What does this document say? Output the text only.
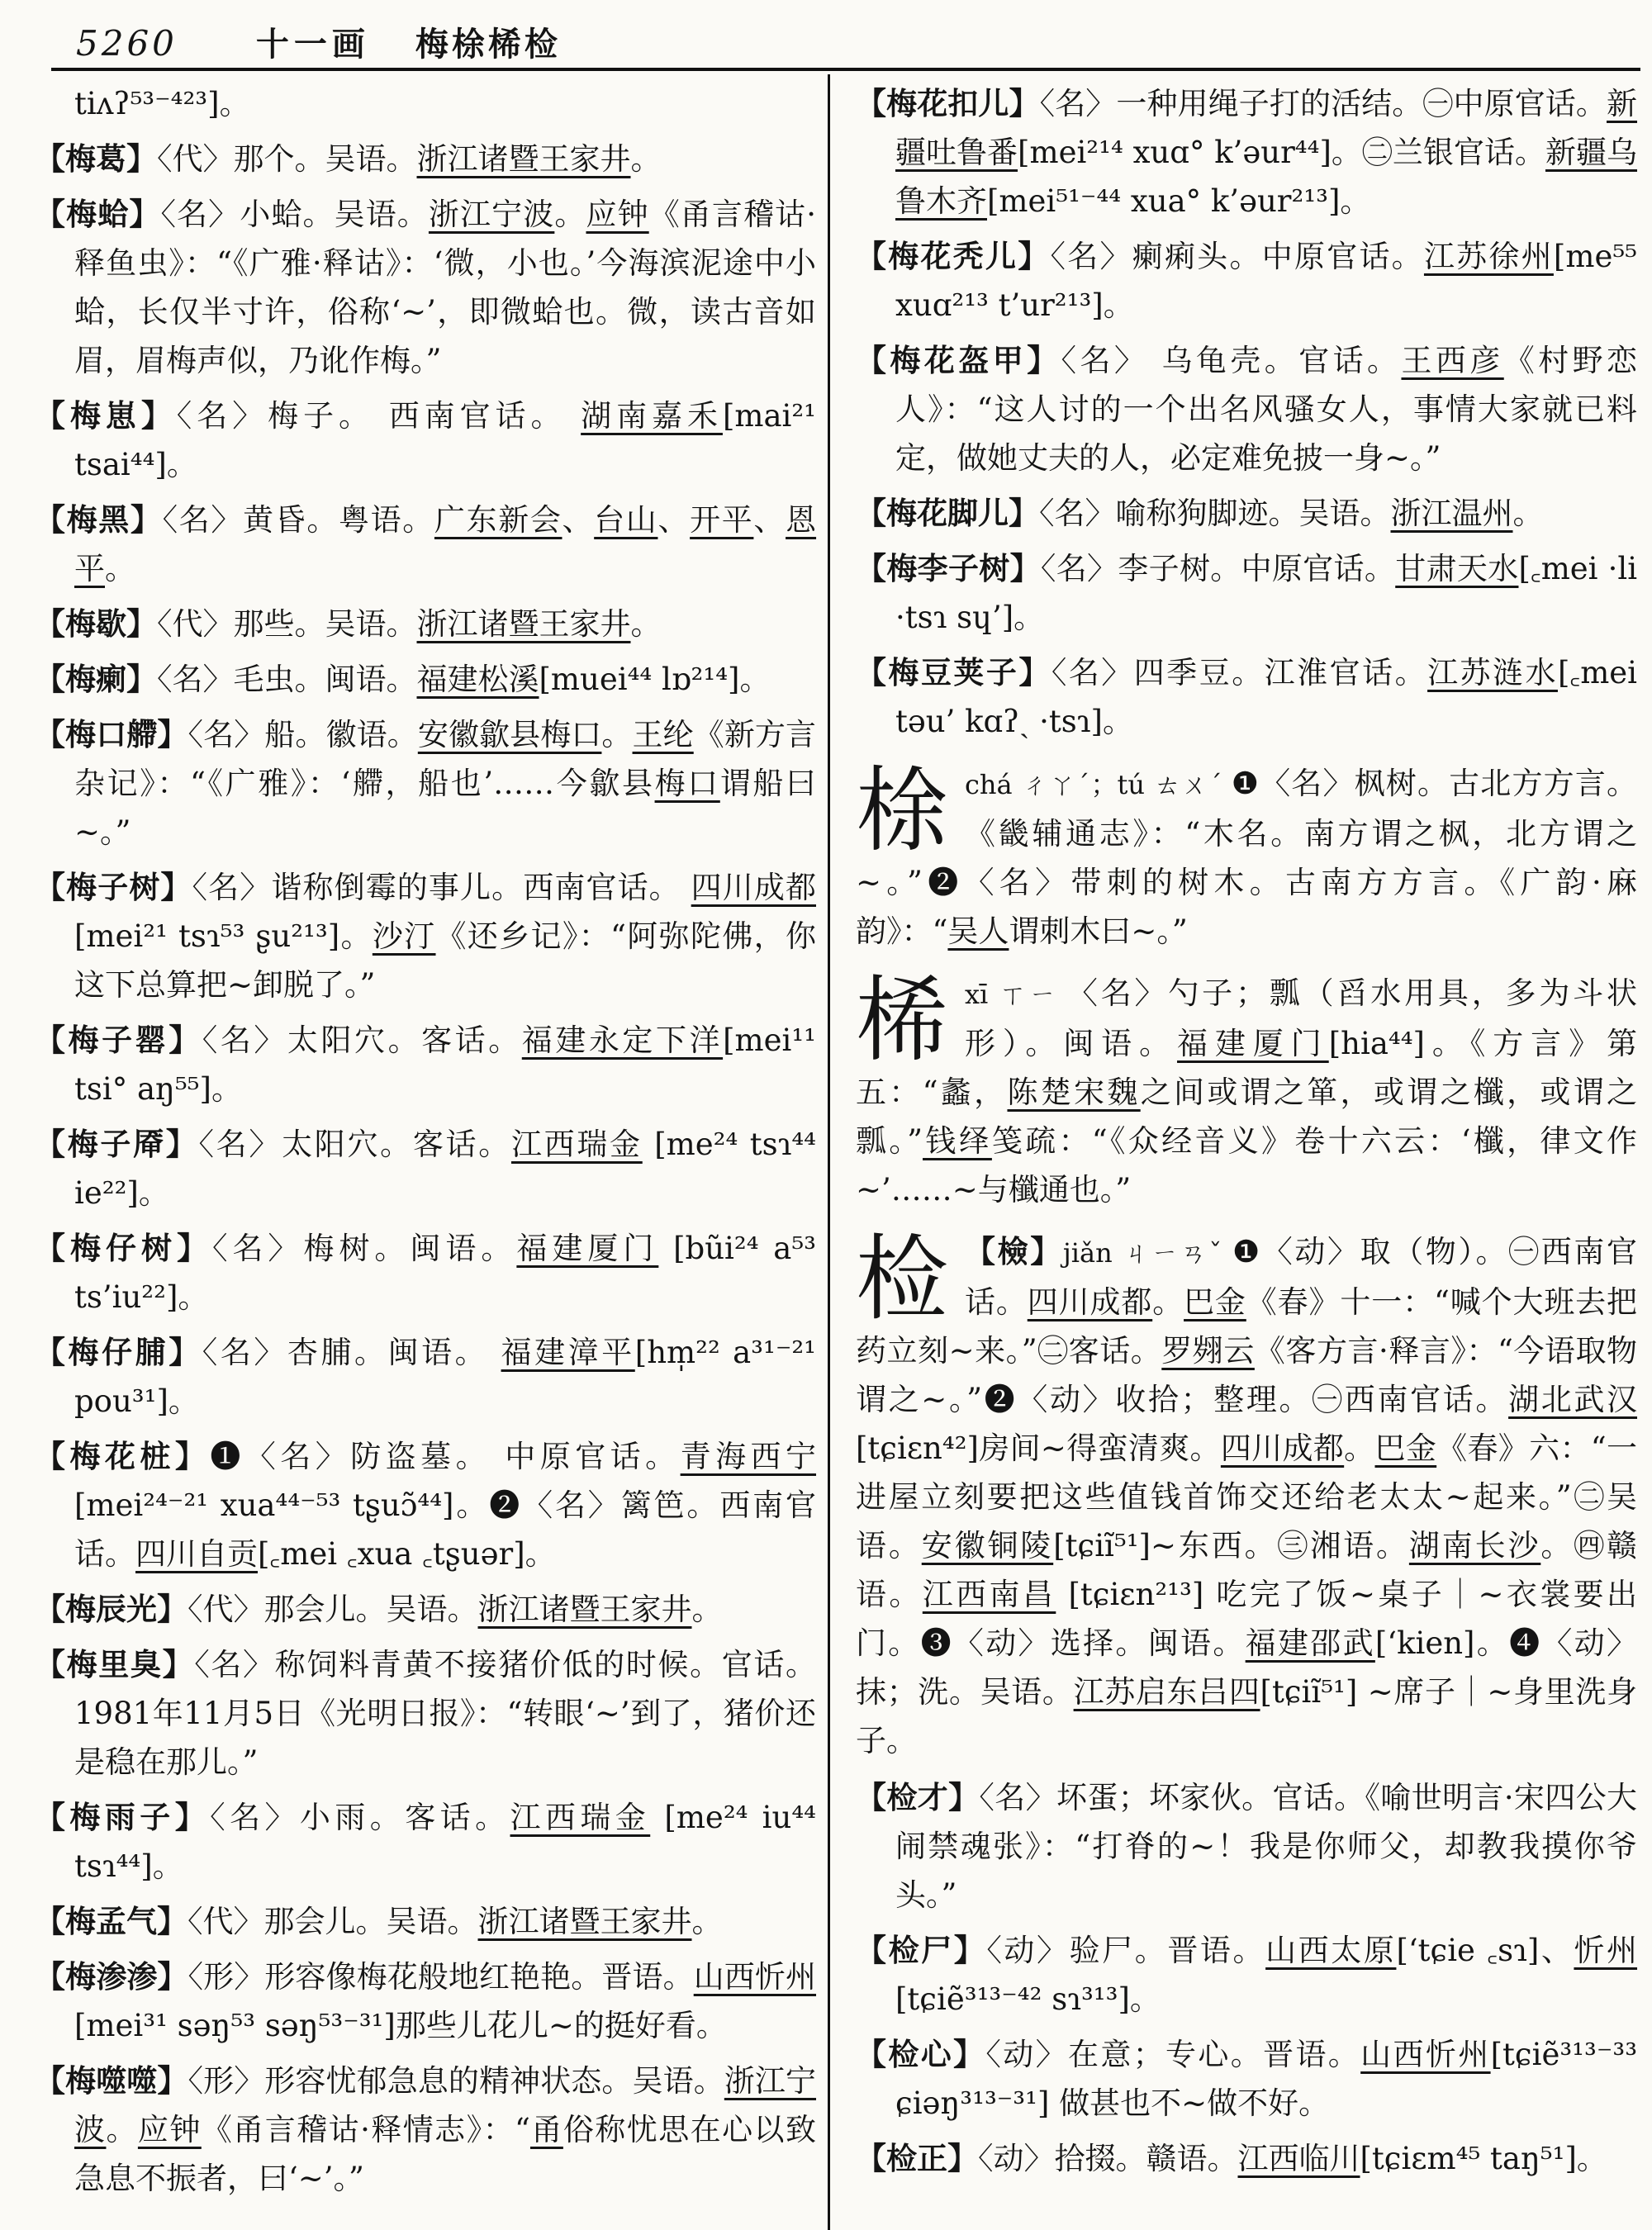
5260 十一画 梅梌桸检
tiʌʔ⁵³⁻⁴²³]。
【梅葛】〈代〉那个。吴语。浙江诸暨王家井。
【梅蛤】〈名〉小蛤。吴语。浙江宁波。应钟《甬言稽诂·释鱼虫》：“《广雅·释诂》：‘微，小也。’今海滨泥途中小蛤，长仅半寸许，俗称‘~’，即微蛤也。微，读古音如眉，眉梅声似，乃讹作梅。”
【梅崽】〈名〉梅子。 西南官话。 湖南嘉禾[mai²¹ tsai⁴⁴]。
【梅黑】〈名〉黄昏。粤语。广东新会、台山、开平、恩平。
【梅歇】〈代〉那些。吴语。浙江诸暨王家井。
【梅瘌】〈名〉毛虫。闽语。福建松溪[muei⁴⁴ lɒ²¹⁴]。
【梅口艜】〈名〉船。徽语。安徽歙县梅口。王纶《新方言杂记》：“《广雅》：‘艜，船也’……今歙县梅口谓船曰~。”
【梅子树】〈名〉谐称倒霉的事儿。西南官话。 四川成都[mei²¹ tsɿ⁵³ ʂu²¹³]。沙汀《还乡记》：“阿弥陀佛，你这下总算把~卸脱了。”
【梅子罂】〈名〉太阳穴。客话。福建永定下洋[mei¹¹ tsi° aŋ⁵⁵]。
【梅子厣】〈名〉太阳穴。客话。江西瑞金 [me²⁴ tsɿ⁴⁴ ie²²]。
【梅仔树】〈名〉梅树。闽语。福建厦门 [bũi²⁴ a⁵³ ts’iu²²]。
【梅仔脯】〈名〉杏脯。闽语。 福建漳平[hm̩²² a³¹⁻²¹ pou³¹]。
【梅花桩】❶〈名〉防盗墓。 中原官话。青海西宁[mei²⁴⁻²¹ xua⁴⁴⁻⁵³ tʂuɔ̃⁴⁴]。❷〈名〉篱笆。西南官话。四川自贡[꜀mei ꜀xua ꜀tʂuər]。
【梅辰光】〈代〉那会儿。吴语。浙江诸暨王家井。
【梅里臭】〈名〉称饲料青黄不接猪价低的时候。官话。1981年11月5日《光明日报》：“转眼‘~’到了，猪价还是稳在那儿。”
【梅雨子】〈名〉小雨。客话。江西瑞金 [me²⁴ iu⁴⁴ tsɿ⁴⁴]。
【梅孟气】〈代〉那会儿。吴语。浙江诸暨王家井。
【梅渗渗】〈形〉形容像梅花般地红艳艳。晋语。山西忻州[mei³¹ səŋ⁵³ səŋ⁵³⁻³¹]那些儿花儿~的挺好看。
【梅噬噬】〈形〉形容忧郁急息的精神状态。吴语。浙江宁波。应钟《甬言稽诂·释情志》：“甬俗称忧思在心以致急息不振者，曰‘~’。”
【梅花扣儿】〈名〉一种用绳子打的活结。㊀中原官话。新疆吐鲁番[mei²¹⁴ xuɑ° k’əur⁴⁴]。㊁兰银官话。新疆乌鲁木齐[mei⁵¹⁻⁴⁴ xua° k’əur²¹³]。
【梅花秃儿】〈名〉瘌痢头。中原官话。江苏徐州[me⁵⁵ xuɑ²¹³ t’ur²¹³]。
【梅花盔甲】〈名〉 乌龟壳。官话。王西彦《村野恋人》：“这人讨的一个出名风骚女人，事情大家就已料定，做她丈夫的人，必定难免披一身~。”
【梅花脚儿】〈名〉喻称狗脚迹。吴语。浙江温州。
【梅李子树】〈名〉李子树。中原官话。甘肃天水[꜀mei ·li ·tsɿ sɥ’]。
【梅豆荚子】〈名〉四季豆。江淮官话。江苏涟水[꜀mei təu’ kɑʔˎ ·tsɿ]。
梌chá ㄔㄚˊ；tú ㄊㄨˊ ❶〈名〉枫树。古北方方言。《畿辅通志》：“木名。南方谓之枫，北方谓之~。”❷〈名〉带刺的树木。古南方方言。《广韵·麻韵》：“吴人谓刺木曰~。”
桸xī ㄒㄧ 〈名〉勺子；瓢（舀水用具，多为斗状形）。闽语。福建厦门[hia⁴⁴]。《方言》第五：“蠡，陈楚宋魏之间或谓之箪，或谓之櫼，或谓之瓢。”钱绎笺疏：“《众经音义》卷十六云：‘櫼，律文作~’……~与櫼通也。”
检 【檢】jiǎn ㄐㄧㄢˇ ❶〈动〉取（物）。㊀西南官话。四川成都。巴金《春》十一：“喊个大班去把药立刻~来。”㊁客话。罗翙云《客方言·释言》：“今语取物谓之~。”❷〈动〉收拾；整理。㊀西南官话。湖北武汉 [tɕiɛn⁴²]房间~得蛮清爽。四川成都。巴金《春》六：“一进屋立刻要把这些值钱首饰交还给老太太~起来。”㊁吴语。安徽铜陵[tɕiĩ⁵¹]~东西。㊂湘语。湖南长沙。㊃赣语。江西南昌 [tɕiɛn²¹³] 吃完了饭~桌子｜~衣裳要出门。❸〈动〉选择。闽语。福建邵武[ʻkien]。❹〈动〉抹；洗。吴语。江苏启东吕四[tɕiĩ⁵¹] ~席子｜~身里洗身子。
【检才】〈名〉坏蛋；坏家伙。官话。《喻世明言·宋四公大闹禁魂张》：“打脊的~！我是你师父，却教我摸你爷头。”
【检尸】〈动〉验尸。晋语。山西太原[ʻtɕie ꜀sɿ]、忻州[tɕiẽ³¹³⁻⁴² sɿ³¹³]。
【检心】〈动〉在意；专心。晋语。山西忻州[tɕiẽ³¹³⁻³³ ɕiəŋ³¹³⁻³¹] 做甚也不~做不好。
【检正】〈动〉拾掇。赣语。江西临川[tɕiɛm⁴⁵ taŋ⁵¹]。
